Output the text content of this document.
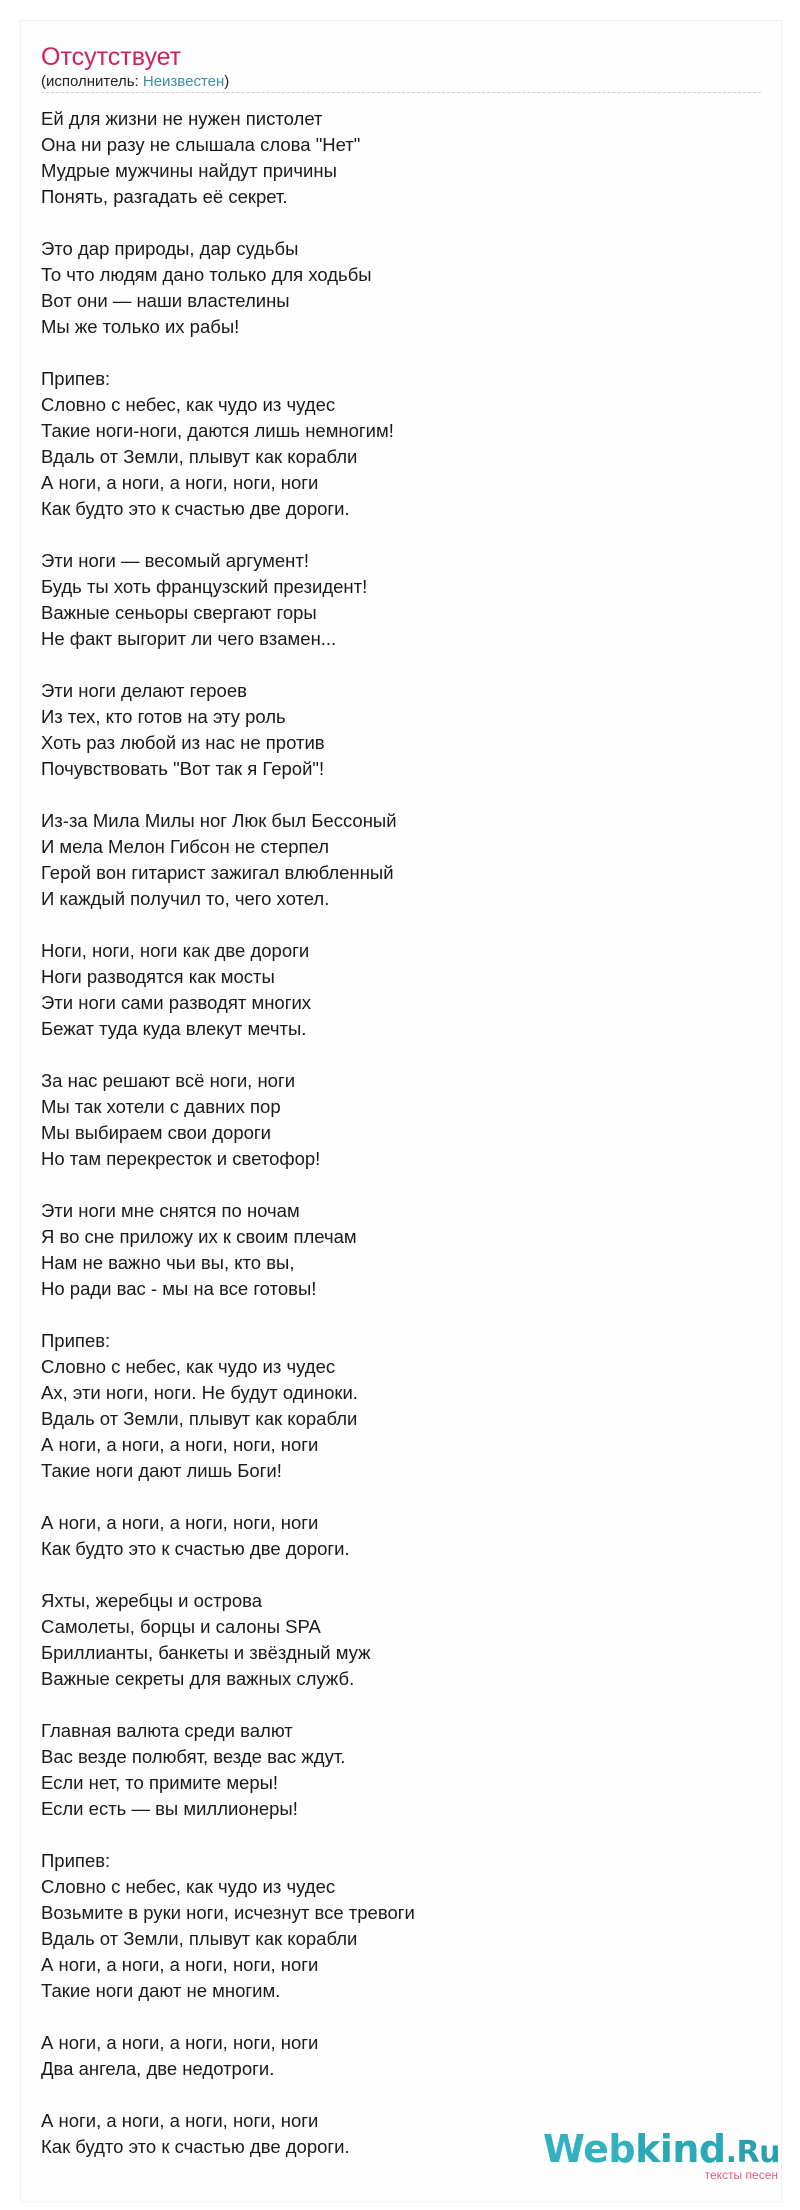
Отсутствует
(исполнитель: Неизвестен)
Ей для жизни не нужен пистолет
Она ни разу не слышала слова "Нет"
Мудрые мужчины найдут причины
Понять, разгадать её секрет.
Это дар природы, дар судьбы
То что людям дано только для ходьбы
Вот они — наши властелины
Мы же только их рабы!
Припев:
Словно с небес, как чудо из чудес
Такие ноги-ноги, даются лишь немногим!
Вдаль от Земли, плывут как корабли
А ноги, а ноги, а ноги, ноги, ноги
Как будто это к счастью две дороги.
Эти ноги — весомый аргумент!
Будь ты хоть французский президент!
Важные сеньоры свергают горы
Не факт выгорит ли чего взамен...
Эти ноги делают героев
Из тех, кто готов на эту роль
Хоть раз любой из нас не против
Почувствовать "Вот так я Герой"!
Из-за Мила Милы ног Люк был Бессоный
И мела Мелон Гибсон не стерпел
Герой вон гитарист зажигал влюбленный
И каждый получил то, чего хотел.
Ноги, ноги, ноги как две дороги
Ноги разводятся как мосты
Эти ноги сами разводят многих
Бежат туда куда влекут мечты.
За нас решают всё ноги, ноги
Мы так хотели с давних пор
Мы выбираем свои дороги
Но там перекресток и светофор!
Эти ноги мне снятся по ночам
Я во сне приложу их к своим плечам
Нам не важно чьи вы, кто вы,
Но ради вас - мы на все готовы!
Припев:
Словно с небес, как чудо из чудес
Ах, эти ноги, ноги. Не будут одиноки.
Вдаль от Земли, плывут как корабли
А ноги, а ноги, а ноги, ноги, ноги
Такие ноги дают лишь Боги!
А ноги, а ноги, а ноги, ноги, ноги
Как будто это к счастью две дороги.
Яхты, жеребцы и острова
Самолеты, борцы и салоны SPA
Бриллианты, банкеты и звёздный муж
Важные секреты для важных служб.
Главная валюта среди валют
Вас везде полюбят, везде вас ждут.
Если нет, то примите меры!
Если есть — вы миллионеры!
Припев:
Словно с небес, как чудо из чудес
Возьмите в руки ноги, исчезнут все тревоги
Вдаль от Земли, плывут как корабли
А ноги, а ноги, а ноги, ноги, ноги
Такие ноги дают не многим.
А ноги, а ноги, а ноги, ноги, ноги
Два ангела, две недотроги.
А ноги, а ноги, а ноги, ноги, ноги
Как будто это к счастью две дороги.	Webkind.Ru
тексты песен
